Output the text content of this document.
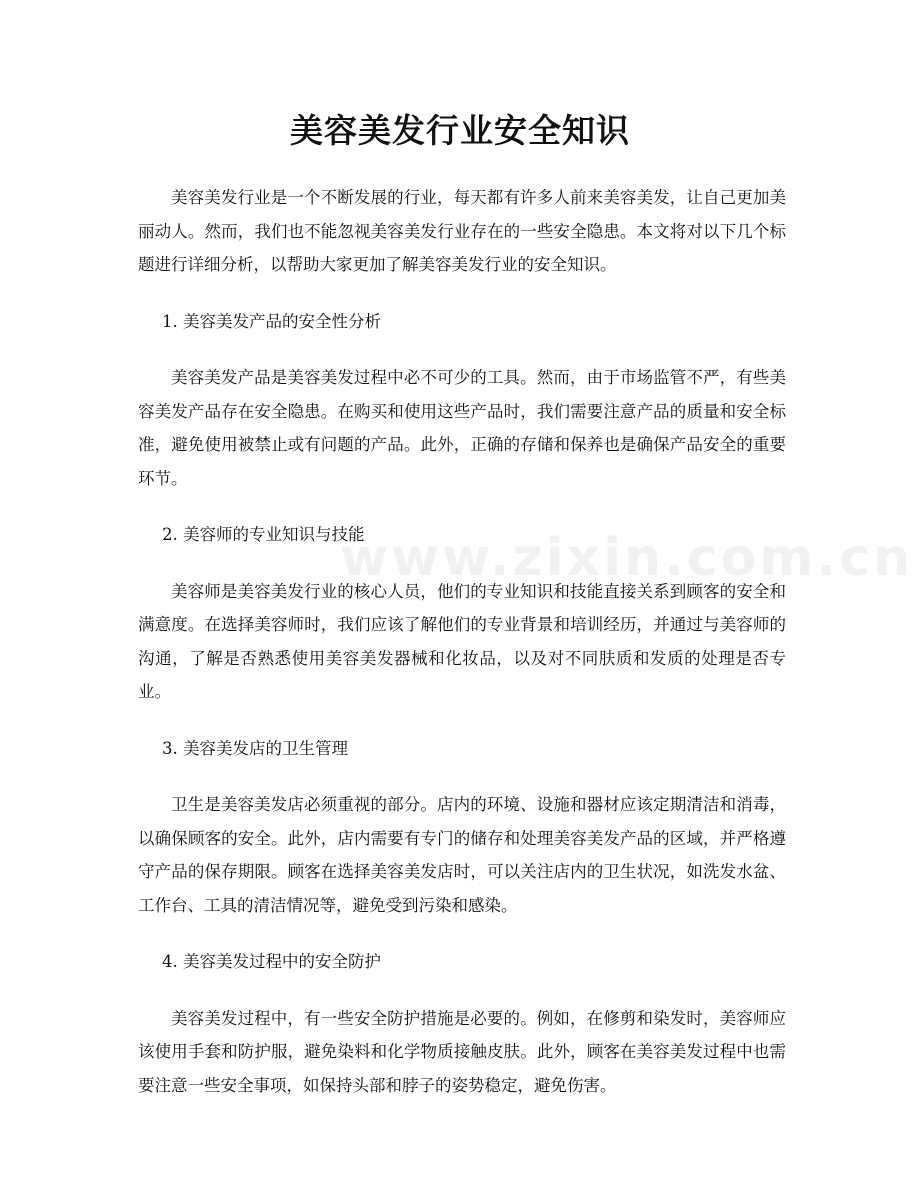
美容美发行业安全知识
www.zixin.com.cn

美容美发行业是一个不断发展的行业，每天都有许多人前来美容美发，让自己更加美丽动人。然而，我们也不能忽视美容美发行业存在的一些安全隐患。本文将对以下几个标题进行详细分析，以帮助大家更加了解美容美发行业的安全知识。

1. 美容美发产品的安全性分析

美容美发产品是美容美发过程中必不可少的工具。然而，由于市场监管不严，有些美容美发产品存在安全隐患。在购买和使用这些产品时，我们需要注意产品的质量和安全标准，避免使用被禁止或有问题的产品。此外，正确的存储和保养也是确保产品安全的重要环节。

2. 美容师的专业知识与技能

美容师是美容美发行业的核心人员，他们的专业知识和技能直接关系到顾客的安全和满意度。在选择美容师时，我们应该了解他们的专业背景和培训经历，并通过与美容师的沟通，了解是否熟悉使用美容美发器械和化妆品，以及对不同肤质和发质的处理是否专业。

3. 美容美发店的卫生管理

卫生是美容美发店必须重视的部分。店内的环境、设施和器材应该定期清洁和消毒，以确保顾客的安全。此外，店内需要有专门的储存和处理美容美发产品的区域，并严格遵守产品的保存期限。顾客在选择美容美发店时，可以关注店内的卫生状况，如洗发水盆、工作台、工具的清洁情况等，避免受到污染和感染。

4. 美容美发过程中的安全防护

美容美发过程中，有一些安全防护措施是必要的。例如，在修剪和染发时，美容师应该使用手套和防护服，避免染料和化学物质接触皮肤。此外，顾客在美容美发过程中也需要注意一些安全事项，如保持头部和脖子的姿势稳定，避免伤害。
